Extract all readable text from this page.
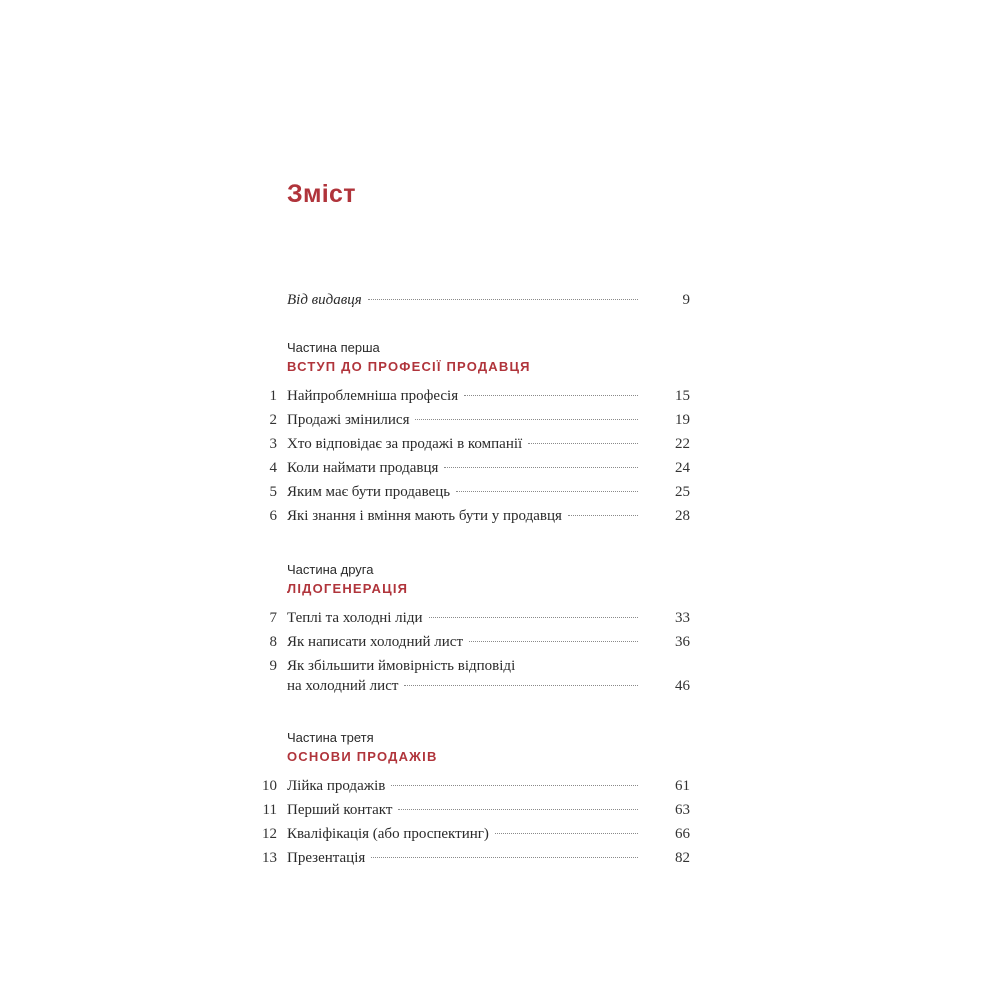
Зміст
Від видавця	9
Частина перша
ВСТУП ДО ПРОФЕСІЇ ПРОДАВЦЯ
1 Найпроблемніша професія	15
2 Продажі змінилися	19
3 Хто відповідає за продажі в компанії	22
4 Коли наймати продавця	24
5 Яким має бути продавець	25
6 Які знання і вміння мають бути у продавця	28
Частина друга
ЛІДОГЕНЕРАЦІЯ
7 Теплі та холодні ліди	33
8 Як написати холодний лист	36
9 Як збільшити ймовірність відповіді
на холодний лист	46
Частина третя
ОСНОВИ ПРОДАЖІВ
10 Лійка продажів	61
11 Перший контакт	63
12 Кваліфікація (або проспектинг)	66
13 Презентація	82
